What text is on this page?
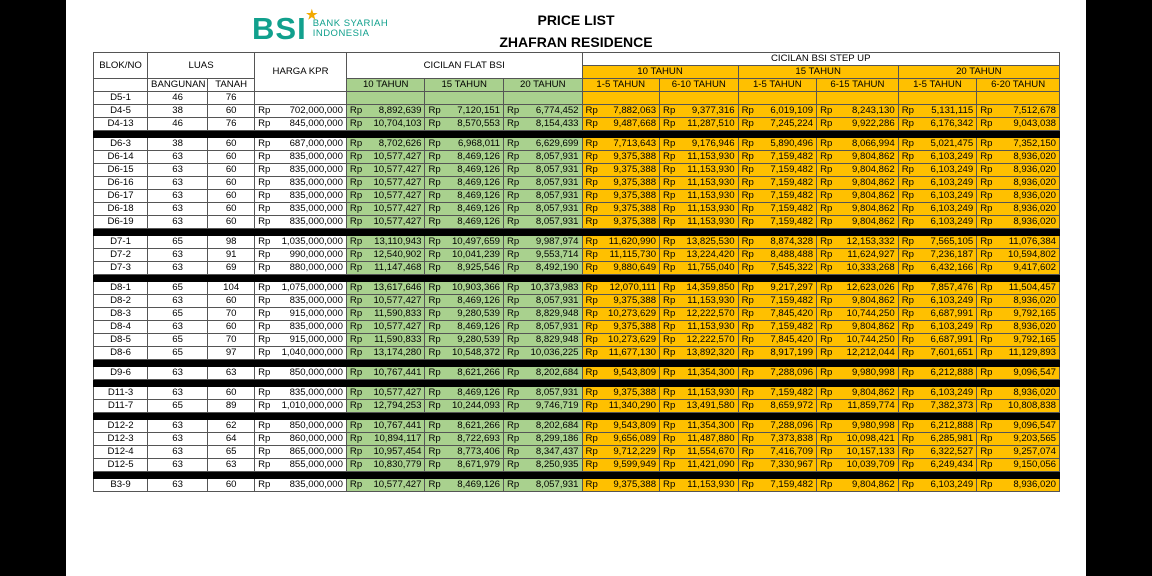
BSI ★
BANK SYARIAH
INDONESIA
PRICE LIST
ZHAFRAN RESIDENCE
BLOK/NO	LUAS		HARGA KPR	CICILAN FLAT BSI			CICILAN BSI STEP UP					
							10 TAHUN		15 TAHUN		20 TAHUN	
	BANGUNAN	TANAH		10 TAHUN	15 TAHUN	20 TAHUN	1-5 TAHUN	6-10 TAHUN	1-5 TAHUN	6-15 TAHUN	1-5 TAHUN	6-20 TAHUN
D5-1	46	76										
D4-5	38	60	Rp 702,000,000	Rp 8,892,639	Rp 7,120,151	Rp 6,774,452	Rp 7,882,063	Rp 9,377,316	Rp 6,019,109	Rp 8,243,130	Rp 5,131,115	Rp 7,512,678

D4-13	46	76	Rp 845,000,000	Rp 10,704,103	Rp 8,570,553	Rp 8,154,433	Rp 9,487,668	Rp 11,287,510	Rp 7,245,224	Rp 9,922,286	Rp 6,176,342	Rp 9,043,038

D6-3	38	60	Rp 687,000,000	Rp 8,702,626	Rp 6,968,011	Rp 6,629,699	Rp 7,713,643	Rp 9,176,946	Rp 5,890,496	Rp 8,066,994	Rp 5,021,475	Rp 7,352,150

D6-14	63	60	Rp 835,000,000	Rp 10,577,427	Rp 8,469,126	Rp 8,057,931	Rp 9,375,388	Rp 11,153,930	Rp 7,159,482	Rp 9,804,862	Rp 6,103,249	Rp 8,936,020

D6-15	63	60	Rp 835,000,000	Rp 10,577,427	Rp 8,469,126	Rp 8,057,931	Rp 9,375,388	Rp 11,153,930	Rp 7,159,482	Rp 9,804,862	Rp 6,103,249	Rp 8,936,020

D6-16	63	60	Rp 835,000,000	Rp 10,577,427	Rp 8,469,126	Rp 8,057,931	Rp 9,375,388	Rp 11,153,930	Rp 7,159,482	Rp 9,804,862	Rp 6,103,249	Rp 8,936,020

D6-17	63	60	Rp 835,000,000	Rp 10,577,427	Rp 8,469,126	Rp 8,057,931	Rp 9,375,388	Rp 11,153,930	Rp 7,159,482	Rp 9,804,862	Rp 6,103,249	Rp 8,936,020

D6-18	63	60	Rp 835,000,000	Rp 10,577,427	Rp 8,469,126	Rp 8,057,931	Rp 9,375,388	Rp 11,153,930	Rp 7,159,482	Rp 9,804,862	Rp 6,103,249	Rp 8,936,020

D6-19	63	60	Rp 835,000,000	Rp 10,577,427	Rp 8,469,126	Rp 8,057,931	Rp 9,375,388	Rp 11,153,930	Rp 7,159,482	Rp 9,804,862	Rp 6,103,249	Rp 8,936,020

D7-1	65	98	Rp 1,035,000,000	Rp 13,110,943	Rp 10,497,659	Rp 9,987,974	Rp 11,620,990	Rp 13,825,530	Rp 8,874,328	Rp 12,153,332	Rp 7,565,105	Rp 11,076,384

D7-2	63	91	Rp 990,000,000	Rp 12,540,902	Rp 10,041,239	Rp 9,553,714	Rp 11,115,730	Rp 13,224,420	Rp 8,488,488	Rp 11,624,927	Rp 7,236,187	Rp 10,594,802

D7-3	63	69	Rp 880,000,000	Rp 11,147,468	Rp 8,925,546	Rp 8,492,190	Rp 9,880,649	Rp 11,755,040	Rp 7,545,322	Rp 10,333,268	Rp 6,432,166	Rp 9,417,602

D8-1	65	104	Rp 1,075,000,000	Rp 13,617,646	Rp 10,903,366	Rp 10,373,983	Rp 12,070,111	Rp 14,359,850	Rp 9,217,297	Rp 12,623,026	Rp 7,857,476	Rp 11,504,457

D8-2	63	60	Rp 835,000,000	Rp 10,577,427	Rp 8,469,126	Rp 8,057,931	Rp 9,375,388	Rp 11,153,930	Rp 7,159,482	Rp 9,804,862	Rp 6,103,249	Rp 8,936,020

D8-3	65	70	Rp 915,000,000	Rp 11,590,833	Rp 9,280,539	Rp 8,829,948	Rp 10,273,629	Rp 12,222,570	Rp 7,845,420	Rp 10,744,250	Rp 6,687,991	Rp 9,792,165

D8-4	63	60	Rp 835,000,000	Rp 10,577,427	Rp 8,469,126	Rp 8,057,931	Rp 9,375,388	Rp 11,153,930	Rp 7,159,482	Rp 9,804,862	Rp 6,103,249	Rp 8,936,020

D8-5	65	70	Rp 915,000,000	Rp 11,590,833	Rp 9,280,539	Rp 8,829,948	Rp 10,273,629	Rp 12,222,570	Rp 7,845,420	Rp 10,744,250	Rp 6,687,991	Rp 9,792,165

D8-6	65	97	Rp 1,040,000,000	Rp 13,174,280	Rp 10,548,372	Rp 10,036,225	Rp 11,677,130	Rp 13,892,320	Rp 8,917,199	Rp 12,212,044	Rp 7,601,651	Rp 11,129,893

D9-6	63	63	Rp 850,000,000	Rp 10,767,441	Rp 8,621,266	Rp 8,202,684	Rp 9,543,809	Rp 11,354,300	Rp 7,288,096	Rp 9,980,998	Rp 6,212,888	Rp 9,096,547

D11-3	63	60	Rp 835,000,000	Rp 10,577,427	Rp 8,469,126	Rp 8,057,931	Rp 9,375,388	Rp 11,153,930	Rp 7,159,482	Rp 9,804,862	Rp 6,103,249	Rp 8,936,020

D11-7	65	89	Rp 1,010,000,000	Rp 12,794,253	Rp 10,244,093	Rp 9,746,719	Rp 11,340,290	Rp 13,491,580	Rp 8,659,972	Rp 11,859,774	Rp 7,382,373	Rp 10,808,838

D12-2	63	62	Rp 850,000,000	Rp 10,767,441	Rp 8,621,266	Rp 8,202,684	Rp 9,543,809	Rp 11,354,300	Rp 7,288,096	Rp 9,980,998	Rp 6,212,888	Rp 9,096,547

D12-3	63	64	Rp 860,000,000	Rp 10,894,117	Rp 8,722,693	Rp 8,299,186	Rp 9,656,089	Rp 11,487,880	Rp 7,373,838	Rp 10,098,421	Rp 6,285,981	Rp 9,203,565

D12-4	63	65	Rp 865,000,000	Rp 10,957,454	Rp 8,773,406	Rp 8,347,437	Rp 9,712,229	Rp 11,554,670	Rp 7,416,709	Rp 10,157,133	Rp 6,322,527	Rp 9,257,074

D12-5	63	63	Rp 855,000,000	Rp 10,830,779	Rp 8,671,979	Rp 8,250,935	Rp 9,599,949	Rp 11,421,090	Rp 7,330,967	Rp 10,039,709	Rp 6,249,434	Rp 9,150,056

B3-9	63	60	Rp 835,000,000	Rp 10,577,427	Rp 8,469,126	Rp 8,057,931	Rp 9,375,388	Rp 11,153,930	Rp 7,159,482	Rp 9,804,862	Rp 6,103,249	Rp 8,936,020
